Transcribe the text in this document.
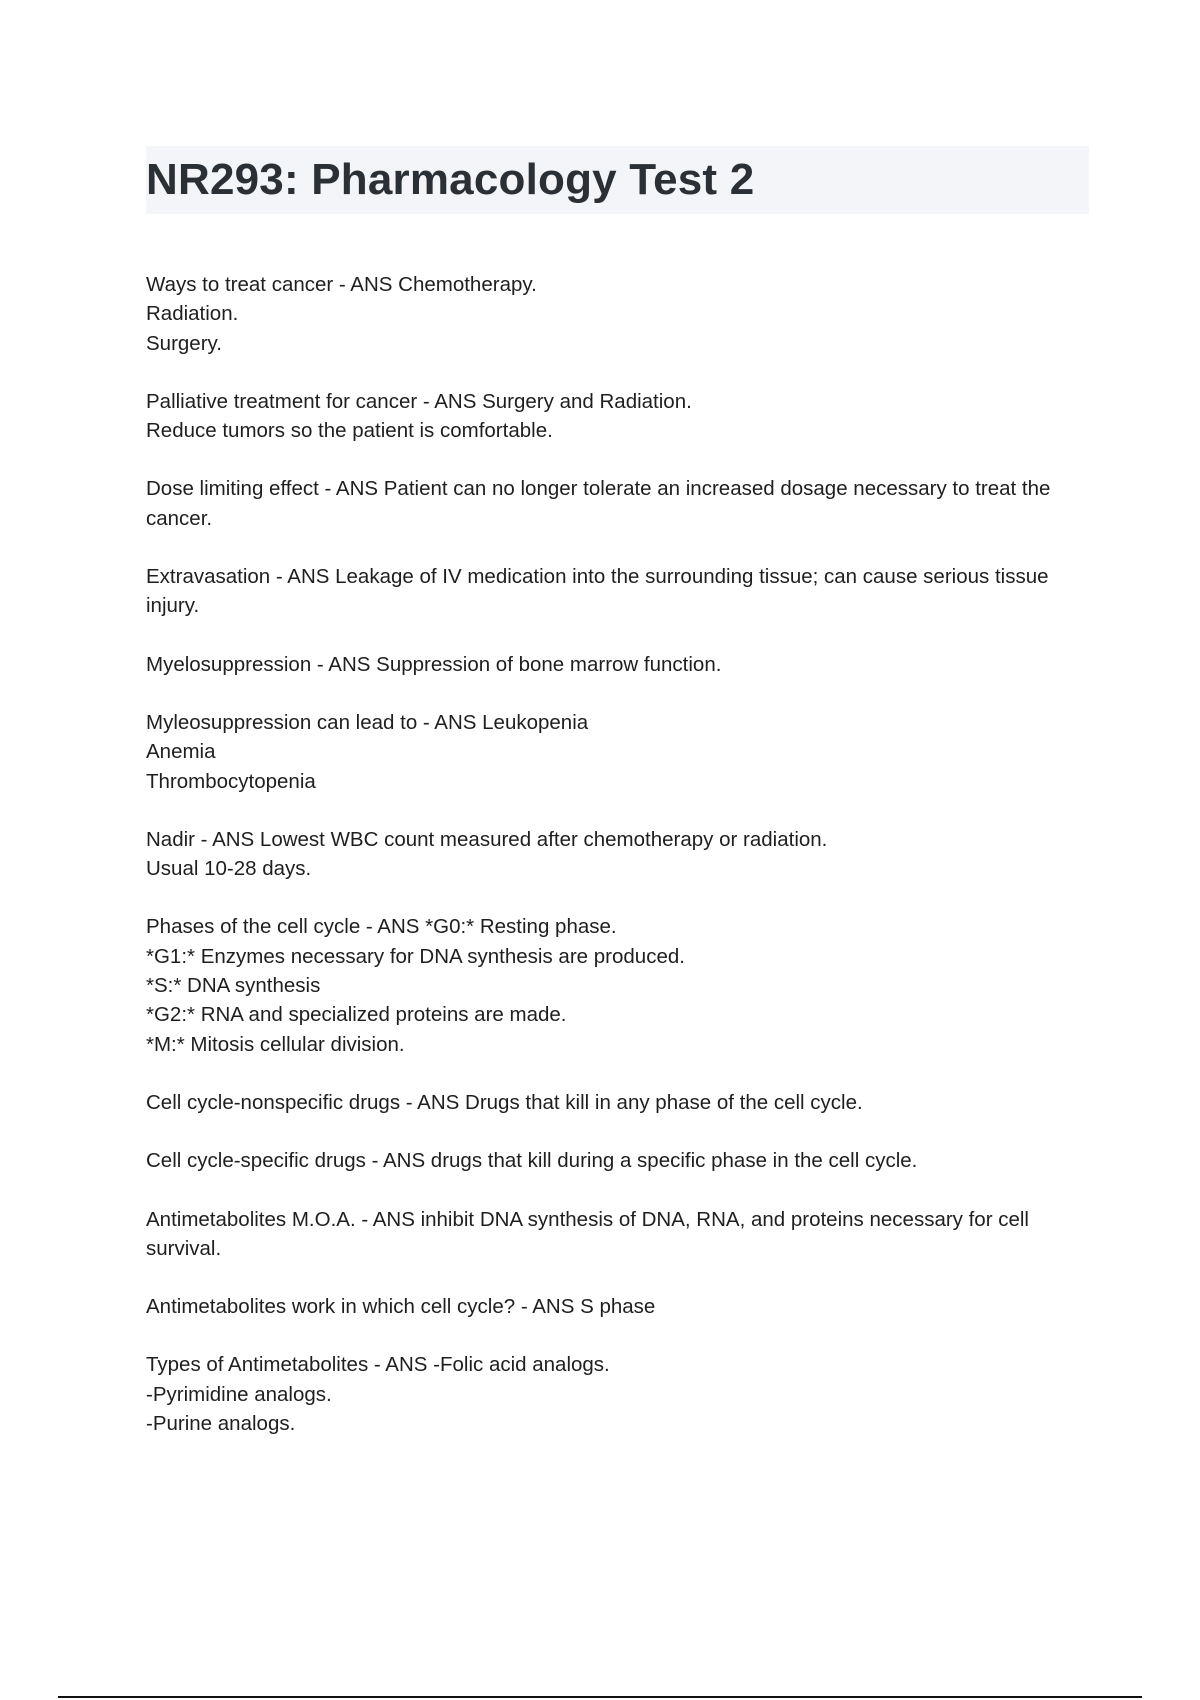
NR293: Pharmacology Test 2
Ways to treat cancer - ANS Chemotherapy.
Radiation.
Surgery.
Palliative treatment for cancer - ANS Surgery and Radiation.
Reduce tumors so the patient is comfortable.
Dose limiting effect - ANS Patient can no longer tolerate an increased dosage necessary to treat the cancer.
Extravasation - ANS Leakage of IV medication into the surrounding tissue; can cause serious tissue injury.
Myelosuppression - ANS Suppression of bone marrow function.
Myleosuppression can lead to - ANS Leukopenia
Anemia
Thrombocytopenia
Nadir - ANS Lowest WBC count measured after chemotherapy or radiation.
Usual 10-28 days.
Phases of the cell cycle - ANS *G0:* Resting phase.
*G1:* Enzymes necessary for DNA synthesis are produced.
*S:* DNA synthesis
*G2:* RNA and specialized proteins are made.
*M:* Mitosis cellular division.
Cell cycle-nonspecific drugs - ANS Drugs that kill in any phase of the cell cycle.
Cell cycle-specific drugs - ANS drugs that kill during a specific phase in the cell cycle.
Antimetabolites M.O.A. - ANS inhibit DNA synthesis of DNA, RNA, and proteins necessary for cell survival.
Antimetabolites work in which cell cycle? - ANS S phase
Types of Antimetabolites - ANS -Folic acid analogs.
-Pyrimidine analogs.
-Purine analogs.
